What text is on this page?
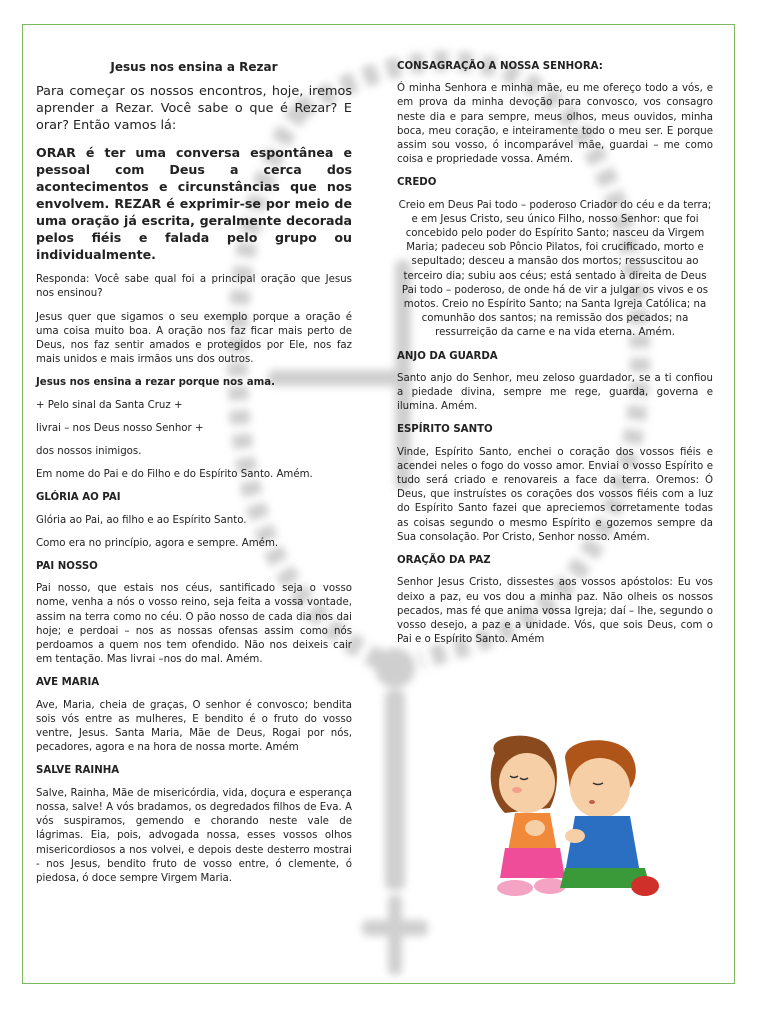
Jesus nos ensina a Rezar

Para começar os nossos encontros, hoje, iremos aprender a Rezar. Você sabe o que é Rezar? E orar? Então vamos lá:

ORAR é ter uma conversa espontânea e pessoal com Deus a cerca dos acontecimentos e circunstâncias que nos envolvem. REZAR é exprimir-se por meio de uma oração já escrita, geralmente decorada pelos fiéis e falada pelo grupo ou individualmente.

Responda: Você sabe qual foi a principal oração que Jesus nos ensinou?

Jesus quer que sigamos o seu exemplo porque a oração é uma coisa muito boa. A oração nos faz ficar mais perto de Deus, nos faz sentir amados e protegidos por Ele, nos faz mais unidos e mais irmãos uns dos outros.

Jesus nos ensina a rezar porque nos ama.

+ Pelo sinal da Santa Cruz +

livrai – nos Deus nosso Senhor +

dos nossos inimigos.

Em nome do Pai e do Filho e do Espírito Santo. Amém.

GLÓRIA AO PAI

Glória ao Pai, ao filho e ao Espírito Santo.

Como era no princípio, agora e sempre. Amém.

PAI NOSSO

Pai nosso, que estais nos céus, santificado seja o vosso nome, venha a nós o vosso reino, seja feita a vossa vontade, assim na terra como no céu. O pão nosso de cada dia nos dai hoje; e perdoai – nos as nossas ofensas assim como nós perdoamos a quem nos tem ofendido. Não nos deixeis cair em tentação. Mas livrai –nos do mal. Amém.

AVE MARIA

Ave, Maria, cheia de graças, O senhor é convosco; bendita sois vós entre as mulheres, E bendito é o fruto do vosso ventre, Jesus. Santa Maria, Mãe de Deus, Rogai por nós, pecadores, agora e na hora de nossa morte. Amém

SALVE RAINHA

Salve, Rainha, Mãe de misericórdia, vida, doçura e esperança nossa, salve! A vós bradamos, os degredados filhos de Eva. A vós suspiramos, gemendo e chorando neste vale de lágrimas. Eia, pois, advogada nossa, esses vossos olhos misericordiosos a nos volvei, e depois deste desterro mostrai - nos Jesus, bendito fruto de vosso entre, ó clemente, ó piedosa, ó doce sempre Virgem Maria.

CONSAGRAÇÃO A NOSSA SENHORA:

Ó minha Senhora e minha mãe, eu me ofereço todo a vós, e em prova da minha devoção para convosco, vos consagro neste dia e para sempre, meus olhos, meus ouvidos, minha boca, meu coração, e inteiramente todo o meu ser. E porque assim sou vosso, ó incomparável mãe, guardai – me como coisa e propriedade vossa. Amém.

CREDO

Creio em Deus Pai todo – poderoso Criador do céu e da terra; e em Jesus Cristo, seu único Filho, nosso Senhor: que foi concebido pelo poder do Espírito Santo; nasceu da Virgem Maria; padeceu sob Pôncio Pilatos, foi crucificado, morto e sepultado; desceu a mansão dos mortos; ressuscitou ao terceiro dia; subiu aos céus; está sentado à direita de Deus Pai todo – poderoso, de onde há de vir a julgar os vivos e os motos. Creio no Espírito Santo; na Santa Igreja Católica; na comunhão dos santos; na remissão dos pecados; na ressurreição da carne e na vida eterna. Amém.

ANJO DA GUARDA

Santo anjo do Senhor, meu zeloso guardador, se a ti confiou a piedade divina, sempre me rege, guarda, governa e ilumina. Amém.

ESPÍRITO SANTO

Vinde, Espírito Santo, enchei o coração dos vossos fiéis e acendei neles o fogo do vosso amor. Enviai o vosso Espírito e tudo será criado e renovareis a face da terra. Oremos: Ó Deus, que instruístes os corações dos vossos fiéis com a luz do Espírito Santo fazei que apreciemos corretamente todas as coisas segundo o mesmo Espírito e gozemos sempre da Sua consolação. Por Cristo, Senhor nosso. Amém.

ORAÇÃO DA PAZ

Senhor Jesus Cristo, dissestes aos vossos apóstolos: Eu vos deixo a paz, eu vos dou a minha paz. Não olheis os nossos pecados, mas fé que anima vossa Igreja; daí – lhe, segundo o vosso desejo, a paz e a unidade. Vós, que sois Deus, com o Pai e o Espírito Santo. Amém
